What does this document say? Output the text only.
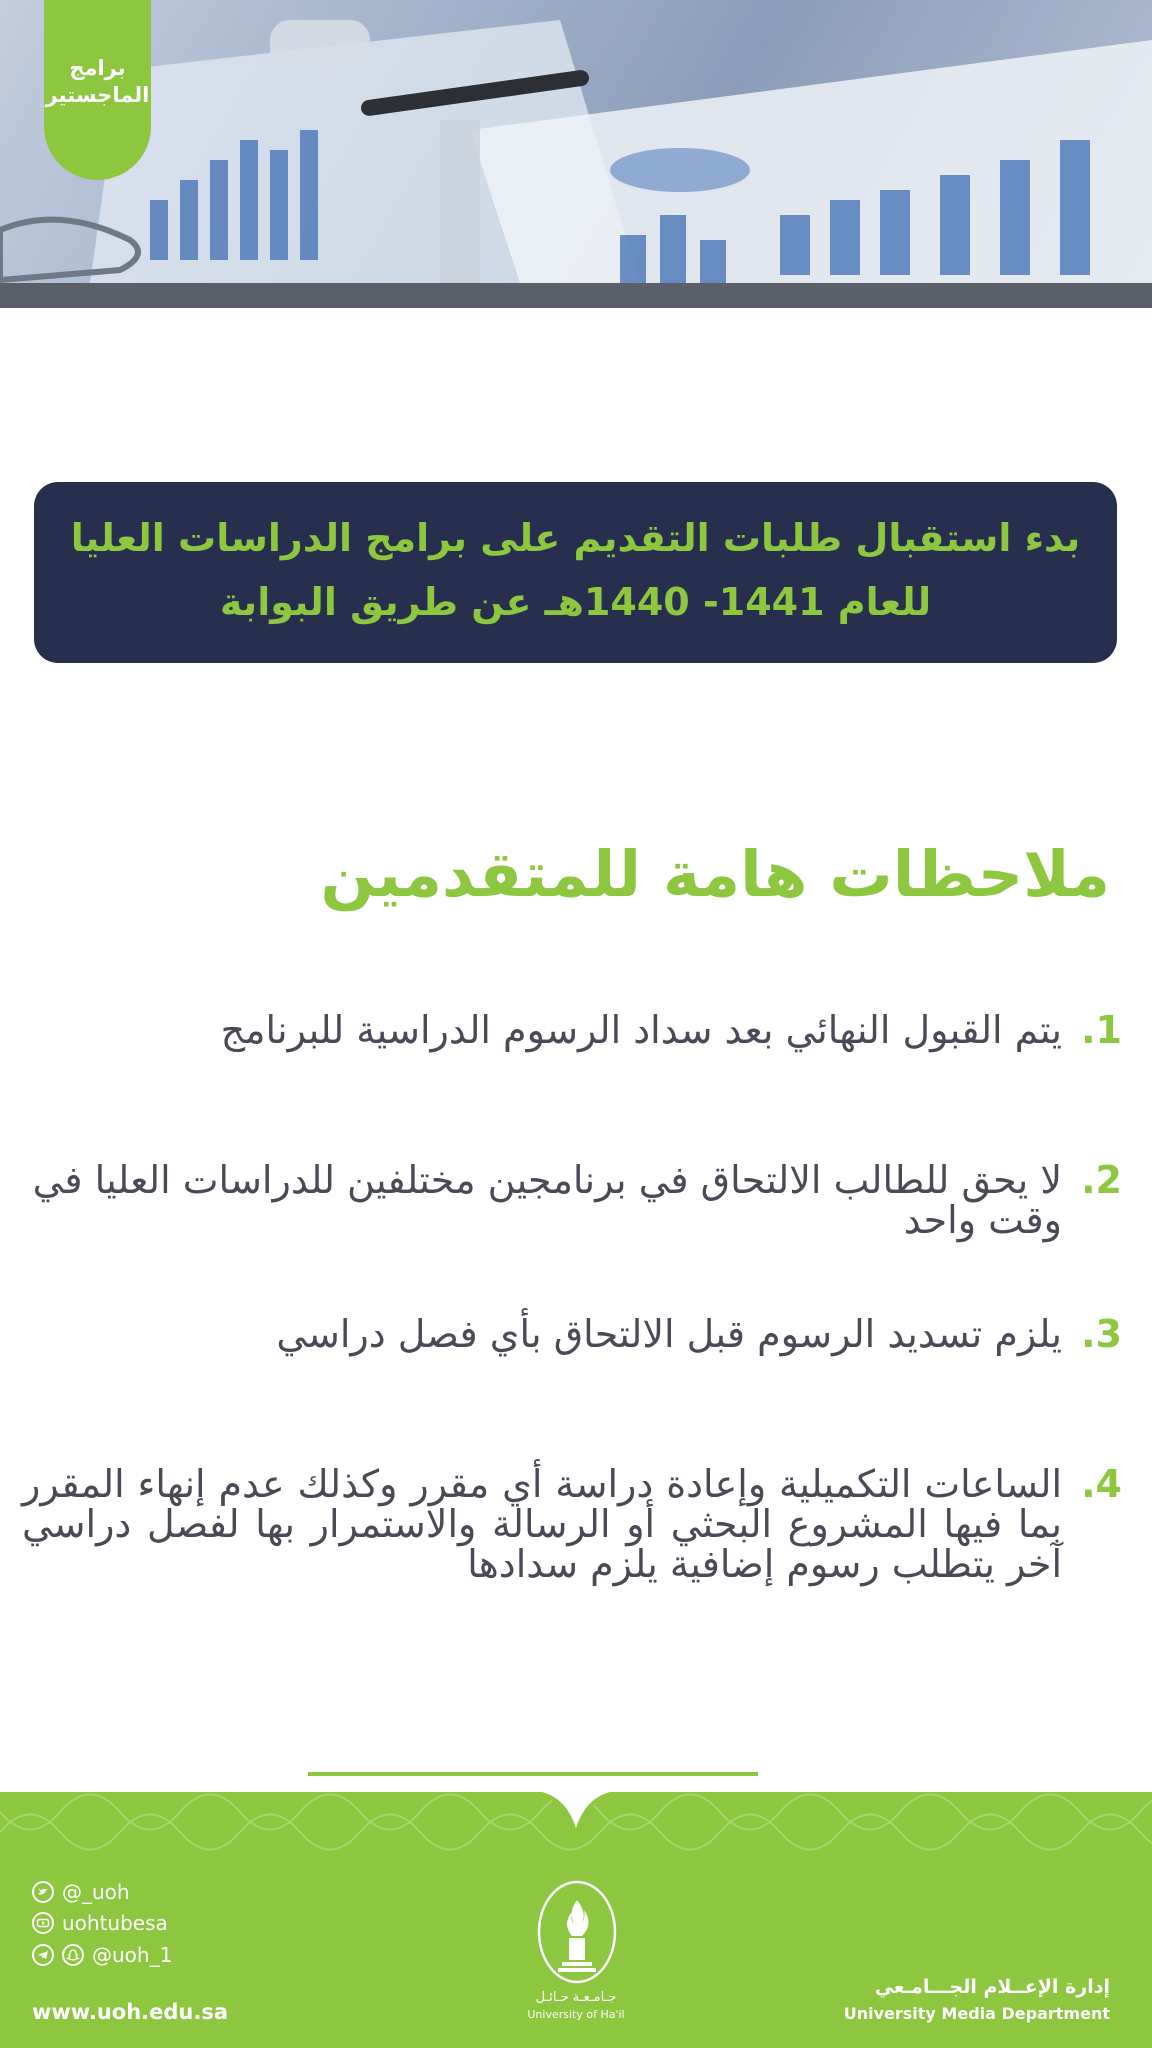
برامج
الماجستير
بدء استقبال طلبات التقديم على برامج الدراسات العليا
للعام 1441- 1440هـ عن طريق البوابة
ملاحظات هامة للمتقدمين
1.
يتم القبول النهائي بعد سداد الرسوم الدراسية للبرنامج
2.
لا يحق للطالب الالتحاق في برنامجين مختلفين للدراسات العليا في وقت واحد
3.
يلزم تسديد الرسوم قبل الالتحاق بأي فصل دراسي
4.
الساعات التكميلية وإعادة دراسة أي مقرر وكذلك عدم إنهاء المقرر بما فيها المشروع البحثي أو الرسالة والاستمرار بها لفصل دراسي آخر يتطلب رسوم إضافية يلزم سدادها
@_uoh
uohtubesa
@uoh_1
www.uoh.edu.sa
جـامـعـة حـائـل
University of Ha'il
إدارة الإعــلام الجـــامـعي
University Media Department
